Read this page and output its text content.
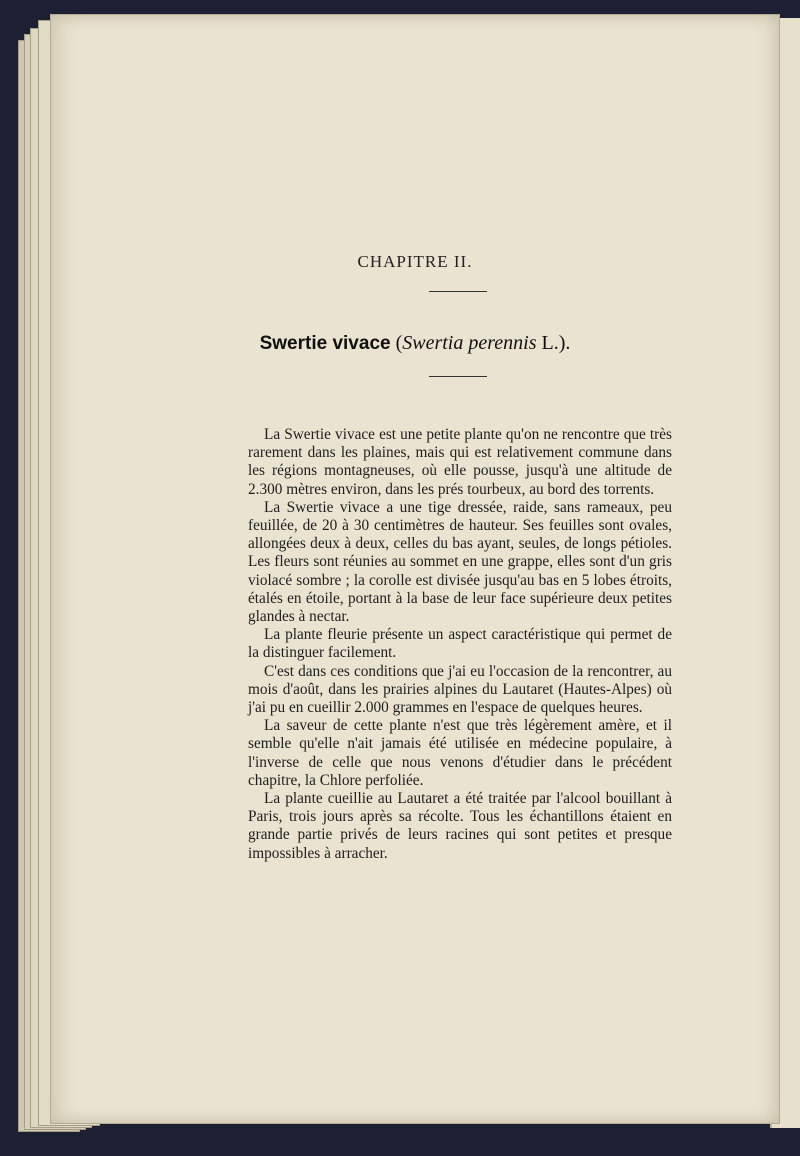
CHAPITRE II.
Swertie vivace (Swertia perennis L.).

La Swertie vivace est une petite plante qu'on ne rencontre que très rarement dans les plaines, mais qui est relativement commune dans les régions montagneuses, où elle pousse, jusqu'à une altitude de 2.300 mètres environ, dans les prés tourbeux, au bord des torrents.

La Swertie vivace a une tige dressée, raide, sans rameaux, peu feuillée, de 20 à 30 centimètres de hauteur. Ses feuilles sont ovales, allongées deux à deux, celles du bas ayant, seules, de longs pétioles. Les fleurs sont réunies au sommet en une grappe, elles sont d'un gris violacé sombre ; la corolle est divisée jusqu'au bas en 5 lobes étroits, étalés en étoile, portant à la base de leur face supérieure deux petites glandes à nectar.

La plante fleurie présente un aspect caractéristique qui permet de la distinguer facilement.

C'est dans ces conditions que j'ai eu l'occasion de la rencontrer, au mois d'août, dans les prairies alpines du Lautaret (Hautes-Alpes) où j'ai pu en cueillir 2.000 grammes en l'espace de quelques heures.

La saveur de cette plante n'est que très légèrement amère, et il semble qu'elle n'ait jamais été utilisée en médecine populaire, à l'inverse de celle que nous venons d'étudier dans le précédent chapitre, la Chlore perfoliée.

La plante cueillie au Lautaret a été traitée par l'alcool bouillant à Paris, trois jours après sa récolte. Tous les échantillons étaient en grande partie privés de leurs racines qui sont petites et presque impossibles à arracher.
